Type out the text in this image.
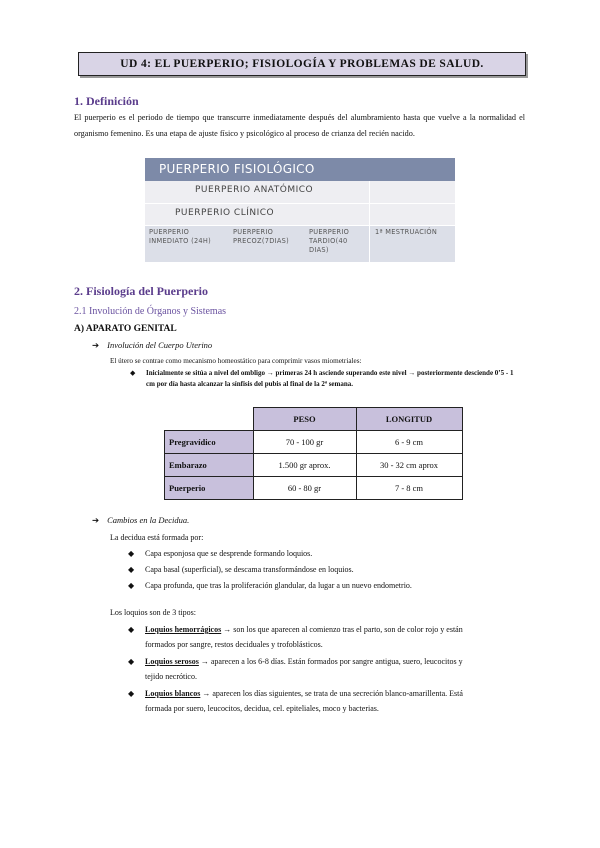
UD 4: EL PUERPERIO; FISIOLOGÍA Y PROBLEMAS DE SALUD.
1. Definición
El puerperio es el periodo de tiempo que transcurre inmediatamente después del alumbramiento hasta que vuelve a la normalidad el organismo femenino. Es una etapa de ajuste físico y psicológico al proceso de crianza del recién nacido.
PUERPERIO FISIOLÓGICO
PUERPERIO ANATÓMICO
PUERPERIO CLÍNICO
PUERPERIO
INMEDIATO (24H)
PUERPERIO
PRECOZ(7DIAS)
PUERPERIO
TARDIO(40
DIAS)
1ª MESTRUACIÓN
2. Fisiología del Puerperio
2.1 Involución de Órganos y Sistemas
A) APARATO GENITAL
➔ Involución del Cuerpo Uterino
El útero se contrae como mecanismo homeostático para comprimir vasos miometriales:
◆ Inicialmente se sitúa a nivel del ombligo → primeras 24 h asciende superando este nivel → posteriormente desciende 0’5 - 1 cm por día hasta alcanzar la sínfisis del pubis al final de la 2ª semana.
	PESO	LONGITUD
Pregravídico	70 - 100 gr	6 - 9 cm
Embarazo	1.500 gr aprox.	30 - 32 cm aprox
Puerperio	60 - 80 gr	7 - 8 cm
➔ Cambios en la Decidua.
La decidua está formada por:
◆ Capa esponjosa que se desprende formando loquios.
◆ Capa basal (superficial), se descama transformándose en loquios.
◆ Capa profunda, que tras la proliferación glandular, da lugar a un nuevo endometrio.
Los loquios son de 3 tipos:
◆ Loquios hemorrágicos → son los que aparecen al comienzo tras el parto, son de color rojo y están
formados por sangre, restos deciduales y trofoblásticos.
◆ Loquios serosos → aparecen a los 6-8 días. Están formados por sangre antigua, suero, leucocitos y
tejido necrótico.
◆ Loquios blancos → aparecen los días siguientes, se trata de una secreción blanco-amarillenta. Está
formada por suero, leucocitos, decidua, cel. epiteliales, moco y bacterias.
